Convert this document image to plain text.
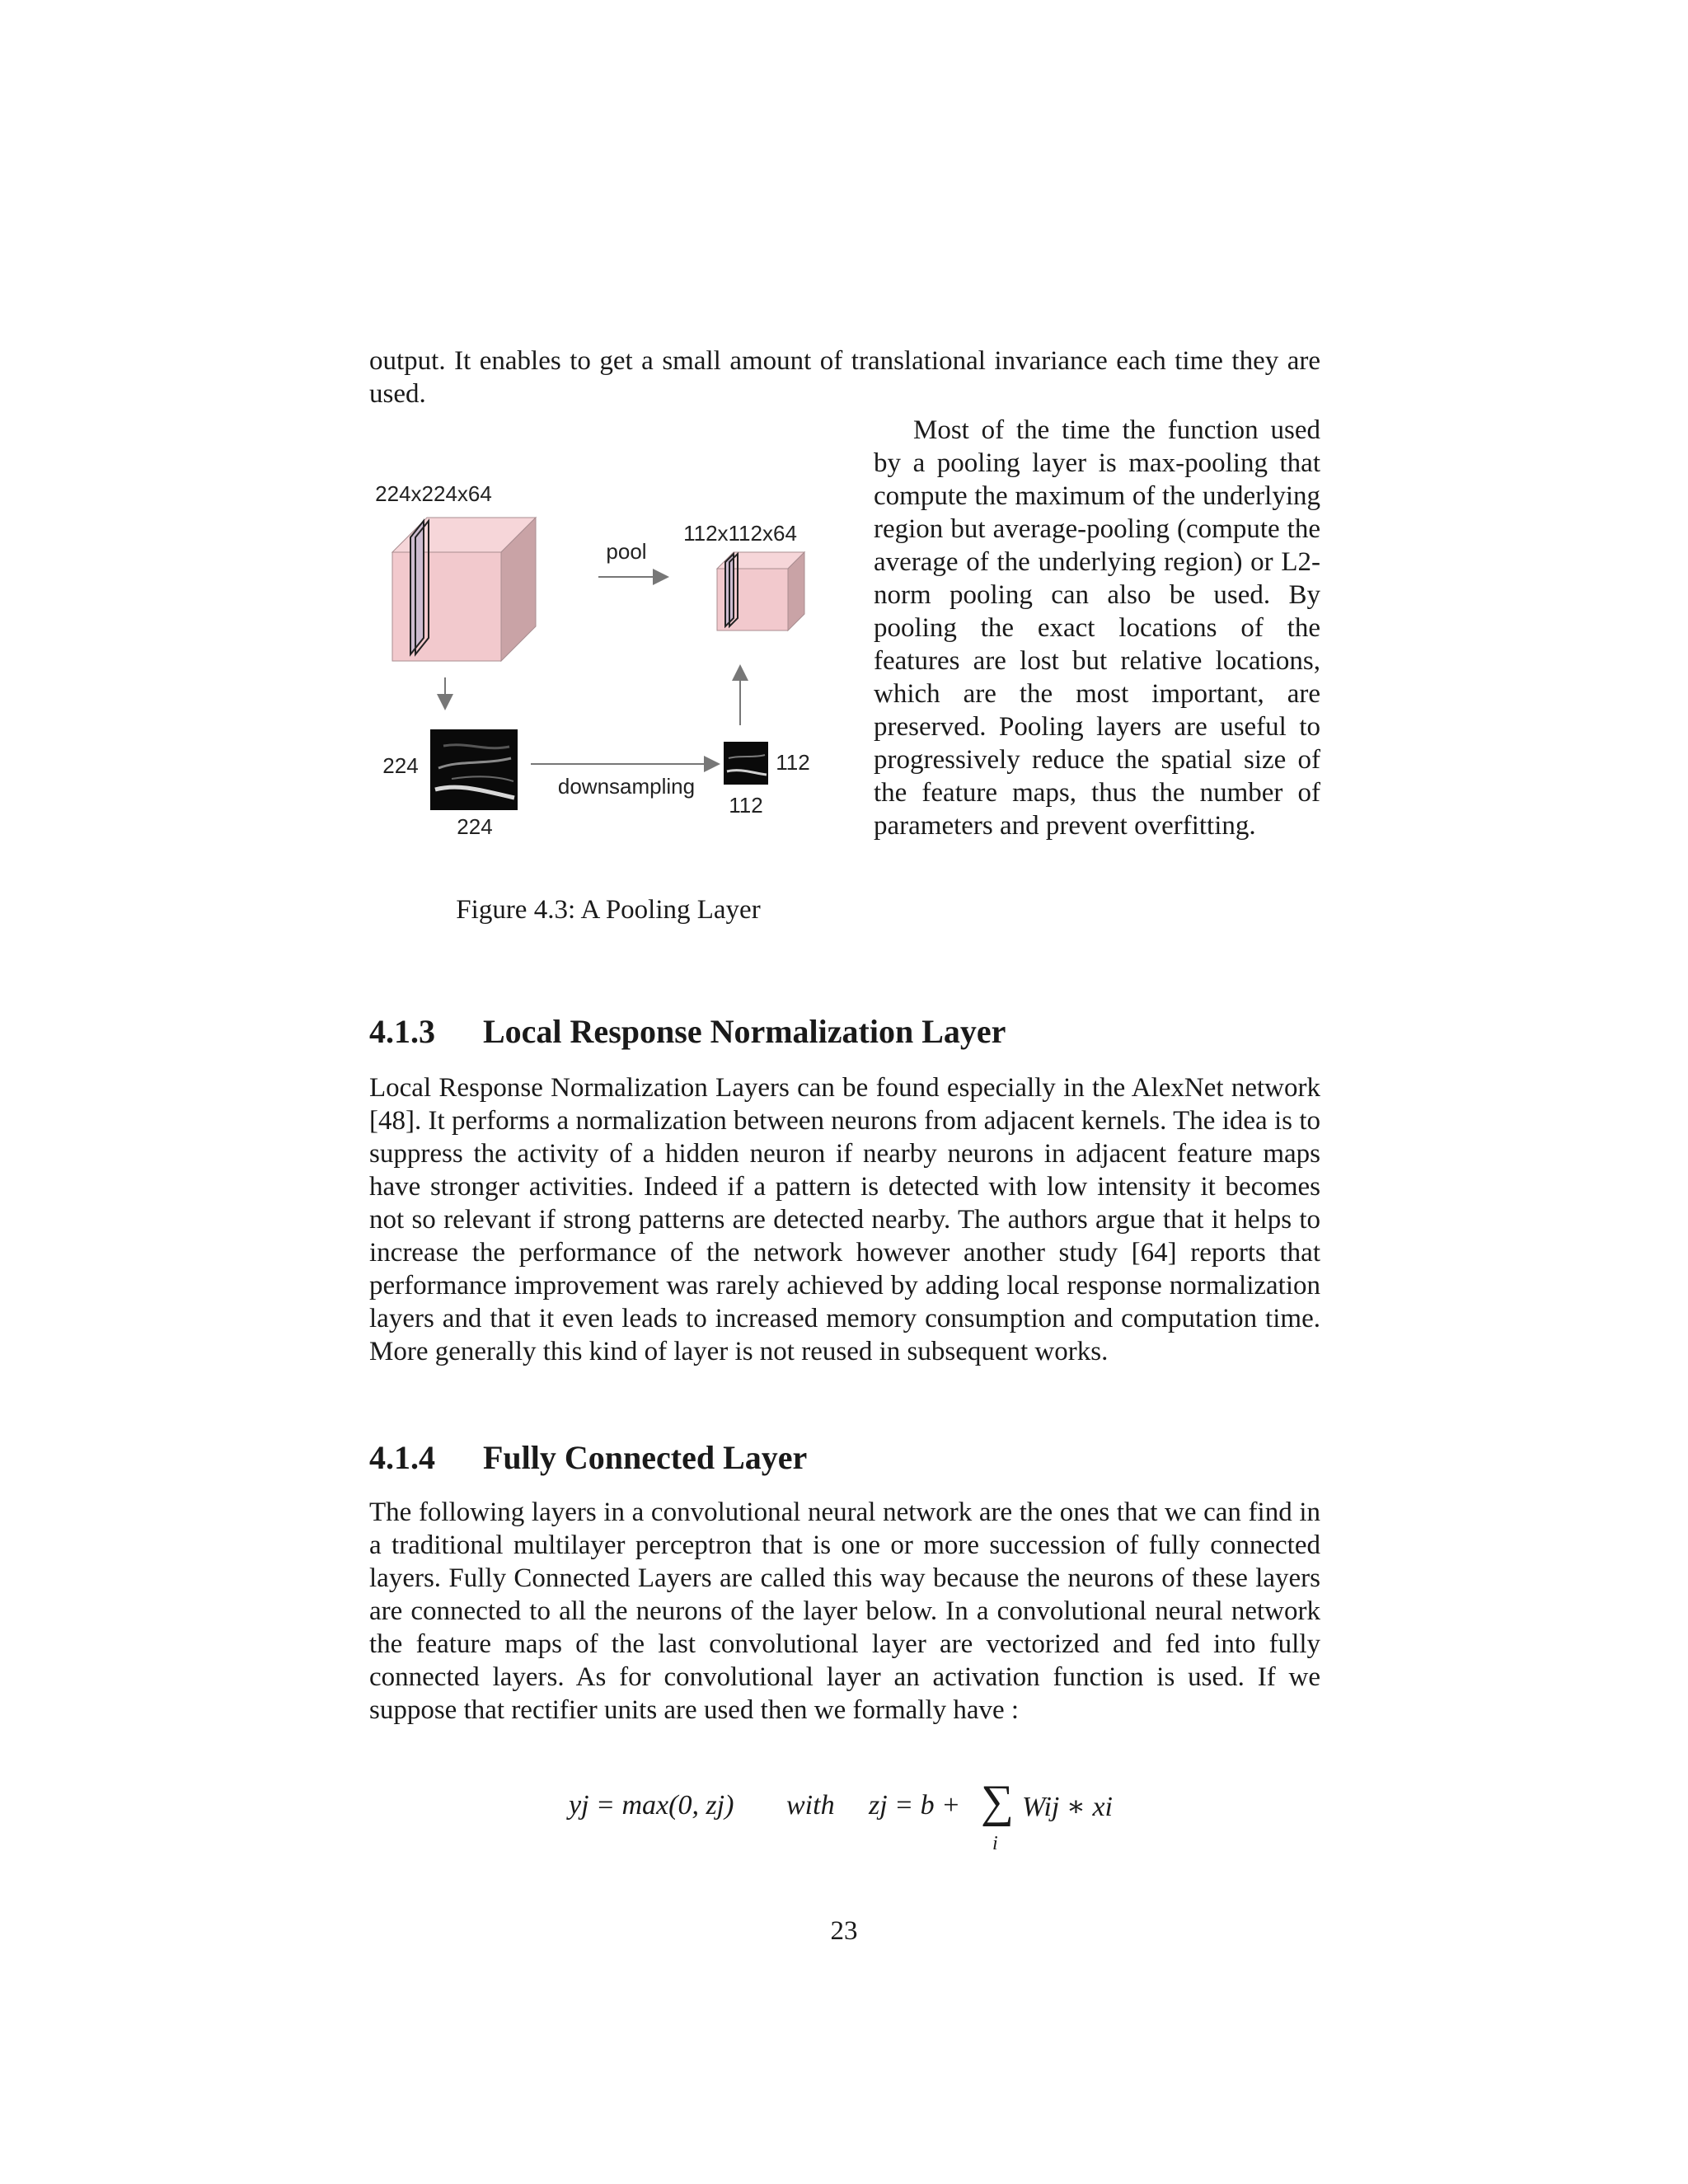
output. It enables to get a small amount of translational invariance each time they are used.

224x224x64
pool
112x112x64
224
224
downsampling
112
112
Figure 4.3: A Pooling Layer

Most of the time the function used by a pooling layer is max-pooling that compute the maximum of the underlying region but average-pooling (compute the average of the underlying region) or L2-norm pooling can also be used. By pooling the exact locations of the features are lost but relative locations, which are the most important, are preserved. Pooling layers are useful to progressively reduce the spatial size of the feature maps, thus the number of parameters and prevent overfitting.

4.1.3 Local Response Normalization Layer

Local Response Normalization Layers can be found especially in the AlexNet network [48]. It performs a normalization between neurons from adjacent kernels. The idea is to suppress the activity of a hidden neuron if nearby neurons in adjacent feature maps have stronger activities. Indeed if a pattern is detected with low intensity it becomes not so relevant if strong patterns are detected nearby. The authors argue that it helps to increase the performance of the network however another study [64] reports that performance improvement was rarely achieved by adding local response normalization layers and that it even leads to increased memory consumption and computation time. More generally this kind of layer is not reused in subsequent works.

4.1.4 Fully Connected Layer

The following layers in a convolutional neural network are the ones that we can find in a traditional multilayer perceptron that is one or more succession of fully connected layers. Fully Connected Layers are called this way because the neurons of these layers are connected to all the neurons of the layer below. In a convolutional neural network the feature maps of the last convolutional layer are vectorized and fed into fully connected layers. As for convolutional layer an activation function is used. If we suppose that rectifier units are used then we formally have :

yj = max(0, zj) with zj = b + ∑
i
Wij ∗ xi
23
